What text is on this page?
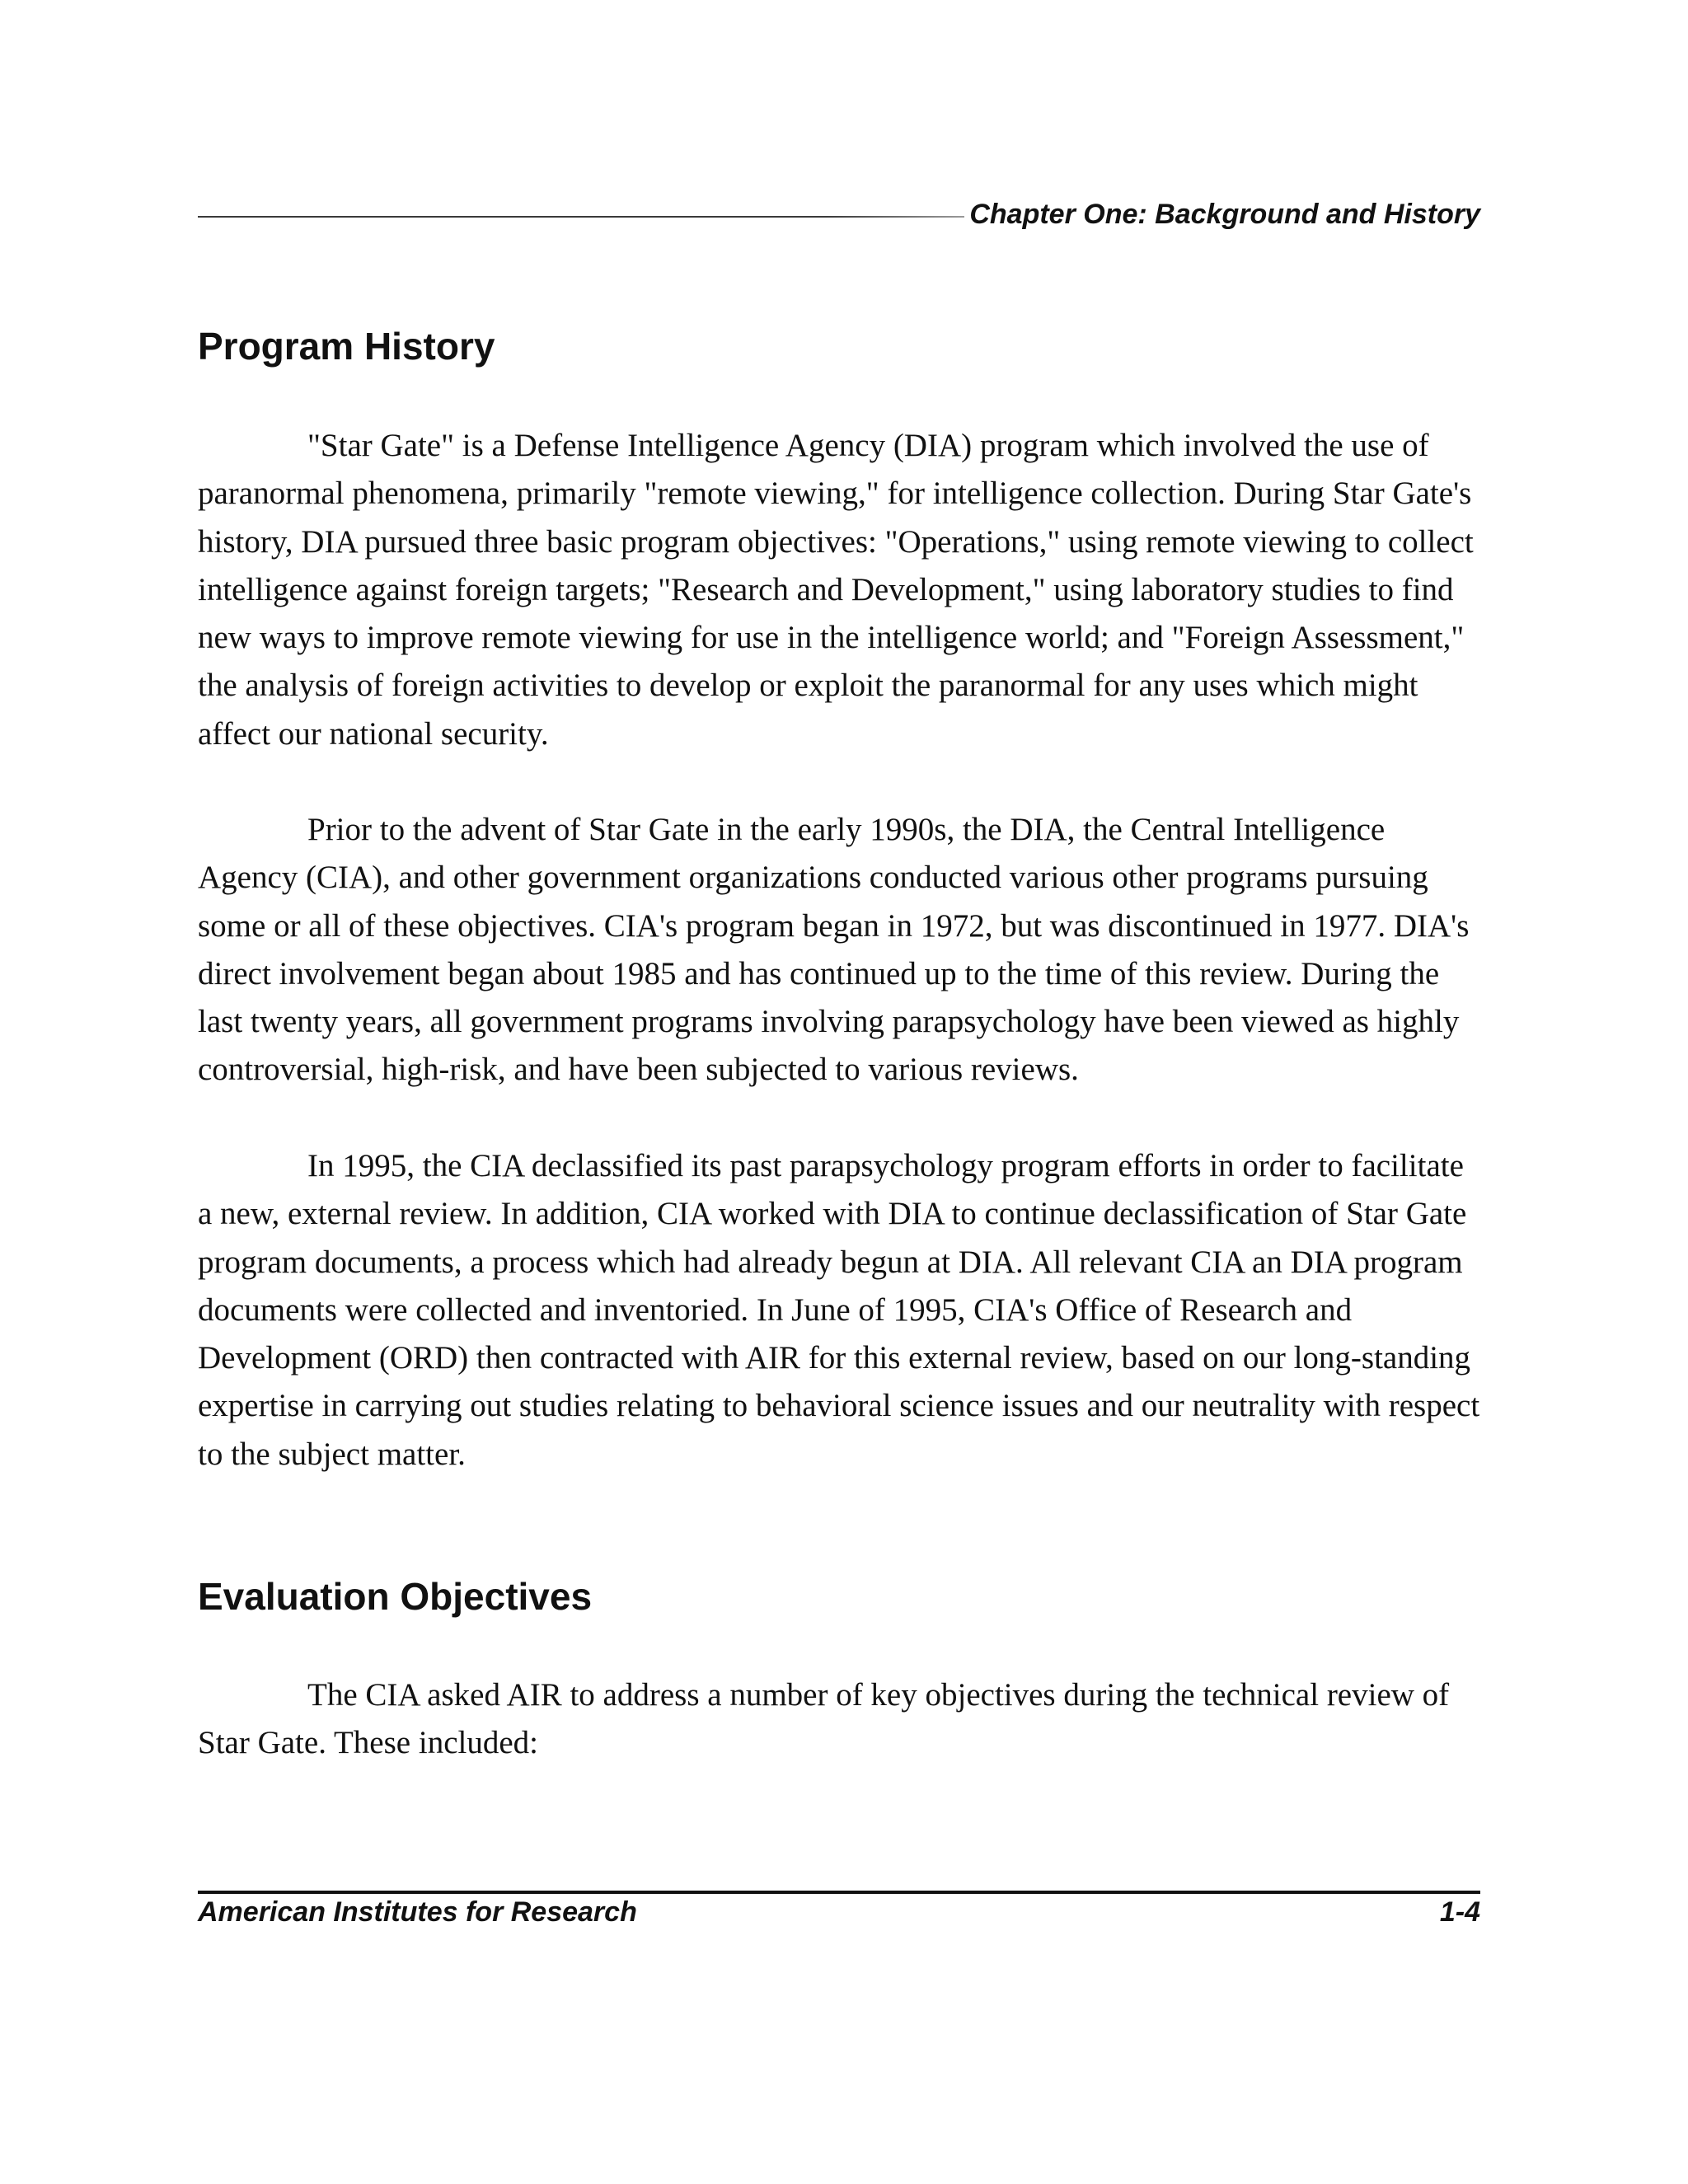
Chapter One: Background and History
Program History

"Star Gate" is a Defense Intelligence Agency (DIA) program which involved the use of paranormal phenomena, primarily "remote viewing," for intelligence collection. During Star Gate's history, DIA pursued three basic program objectives: "Operations," using remote viewing to collect intelligence against foreign targets; "Research and Development," using laboratory studies to find new ways to improve remote viewing for use in the intelligence world; and "Foreign Assessment," the analysis of foreign activities to develop or exploit the paranormal for any uses which might affect our national security.

Prior to the advent of Star Gate in the early 1990s, the DIA, the Central Intelligence Agency (CIA), and other government organizations conducted various other programs pursuing some or all of these objectives. CIA's program began in 1972, but was discontinued in 1977. DIA's direct involvement began about 1985 and has continued up to the time of this review. During the last twenty years, all government programs involving parapsychology have been viewed as highly controversial, high-risk, and have been subjected to various reviews.

In 1995, the CIA declassified its past parapsychology program efforts in order to facilitate a new, external review. In addition, CIA worked with DIA to continue declassification of Star Gate program documents, a process which had already begun at DIA. All relevant CIA an DIA program documents were collected and inventoried. In June of 1995, CIA's Office of Research and Development (ORD) then contracted with AIR for this external review, based on our long-standing expertise in carrying out studies relating to behavioral science issues and our neutrality with respect to the subject matter.

Evaluation Objectives

The CIA asked AIR to address a number of key objectives during the technical review of Star Gate. These included:

American Institutes for Research	1-4
